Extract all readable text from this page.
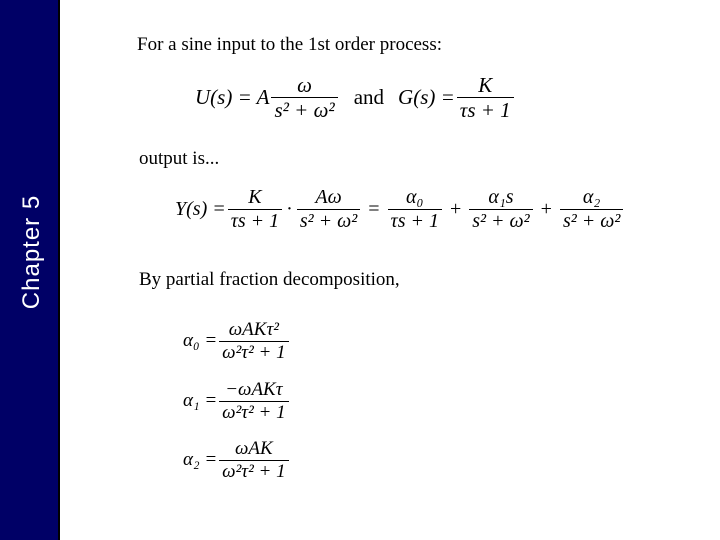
Chapter 5
For a sine input to the 1st order process:
U(s) = A $\frac{\omega}{\text{s² + ω²}}$ and $G(s) = \frac{K}{\tau s + 1}$
output is...
$Y(s) = \frac{K}{\tau s + 1} \cdot \frac{A\omega}{\text{s² + ω²}} = \frac{\text{α₀}}{\tau s + 1} + \frac{\text{α₁s}}{\text{s² + ω²}} + \frac{\text{α₂}}{\text{s² + ω²}}$
By partial fraction decomposition,
$\alpha_0 = \frac{\text{ωAKτ²}}{\text{ω²τ² + 1}}$
$\alpha_1 = \frac{\text{−ωAKτ}}{\text{ω²τ² + 1}}$
$\alpha_2 = \frac{\text{ωAK}}{\text{ω²τ² + 1}}$
